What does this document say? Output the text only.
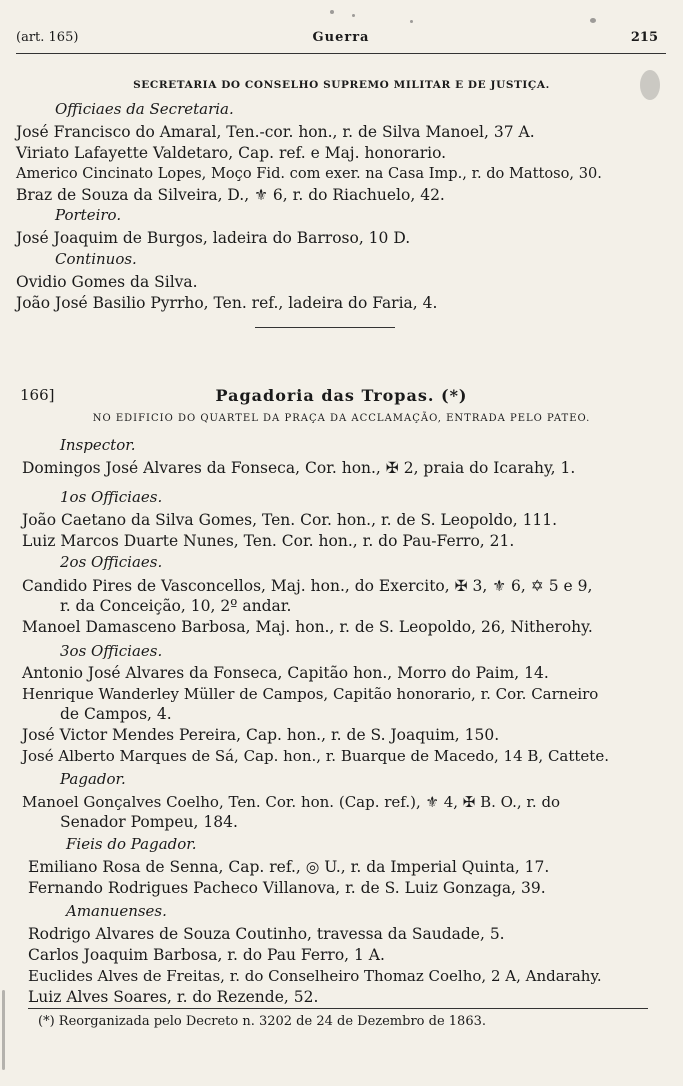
(art. 165)	Guerra	215
SECRETARIA DO CONSELHO SUPREMO MILITAR E DE JUSTIÇA.
Officiaes da Secretaria.
José Francisco do Amaral, Ten.-cor. hon., r. de Silva Manoel, 37 A.
Viriato Lafayette Valdetaro, Cap. ref. e Maj. honorario.
Americo Cincinato Lopes, Moço Fid. com exer. na Casa Imp., r. do Mattoso, 30.
Braz de Souza da Silveira, D., ⚜ 6, r. do Riachuelo, 42.
Porteiro.
José Joaquim de Burgos, ladeira do Barroso, 10 D.
Continuos.
Ovidio Gomes da Silva.
João José Basilio Pyrrho, Ten. ref., ladeira do Faria, 4.
166]	Pagadoria das Tropas. (*)
NO EDIFICIO DO QUARTEL DA PRAÇA DA ACCLAMAÇÃO, ENTRADA PELO PATEO.
Inspector.
Domingos José Alvares da Fonseca, Cor. hon., ✠ 2, praia do Icarahy, 1.
1os Officiaes.
João Caetano da Silva Gomes, Ten. Cor. hon., r. de S. Leopoldo, 111.
Luiz Marcos Duarte Nunes, Ten. Cor. hon., r. do Pau-Ferro, 21.
2os Officiaes.
Candido Pires de Vasconcellos, Maj. hon., do Exercito, ✠ 3, ⚜ 6, ✡ 5 e 9,
r. da Conceição, 10, 2º andar.
Manoel Damasceno Barbosa, Maj. hon., r. de S. Leopoldo, 26, Nitherohy.
3os Officiaes.
Antonio José Alvares da Fonseca, Capitão hon., Morro do Paim, 14.
Henrique Wanderley Müller de Campos, Capitão honorario, r. Cor. Carneiro
de Campos, 4.
José Victor Mendes Pereira, Cap. hon., r. de S. Joaquim, 150.
José Alberto Marques de Sá, Cap. hon., r. Buarque de Macedo, 14 B, Cattete.
Pagador.
Manoel Gonçalves Coelho, Ten. Cor. hon. (Cap. ref.), ⚜ 4, ✠ B. O., r. do
Senador Pompeu, 184.
Fieis do Pagador.
Emiliano Rosa de Senna, Cap. ref., ◎ U., r. da Imperial Quinta, 17.
Fernando Rodrigues Pacheco Villanova, r. de S. Luiz Gonzaga, 39.
Amanuenses.
Rodrigo Alvares de Souza Coutinho, travessa da Saudade, 5.
Carlos Joaquim Barbosa, r. do Pau Ferro, 1 A.
Euclides Alves de Freitas, r. do Conselheiro Thomaz Coelho, 2 A, Andarahy.
Luiz Alves Soares, r. do Rezende, 52.
(*) Reorganizada pelo Decreto n. 3202 de 24 de Dezembro de 1863.
